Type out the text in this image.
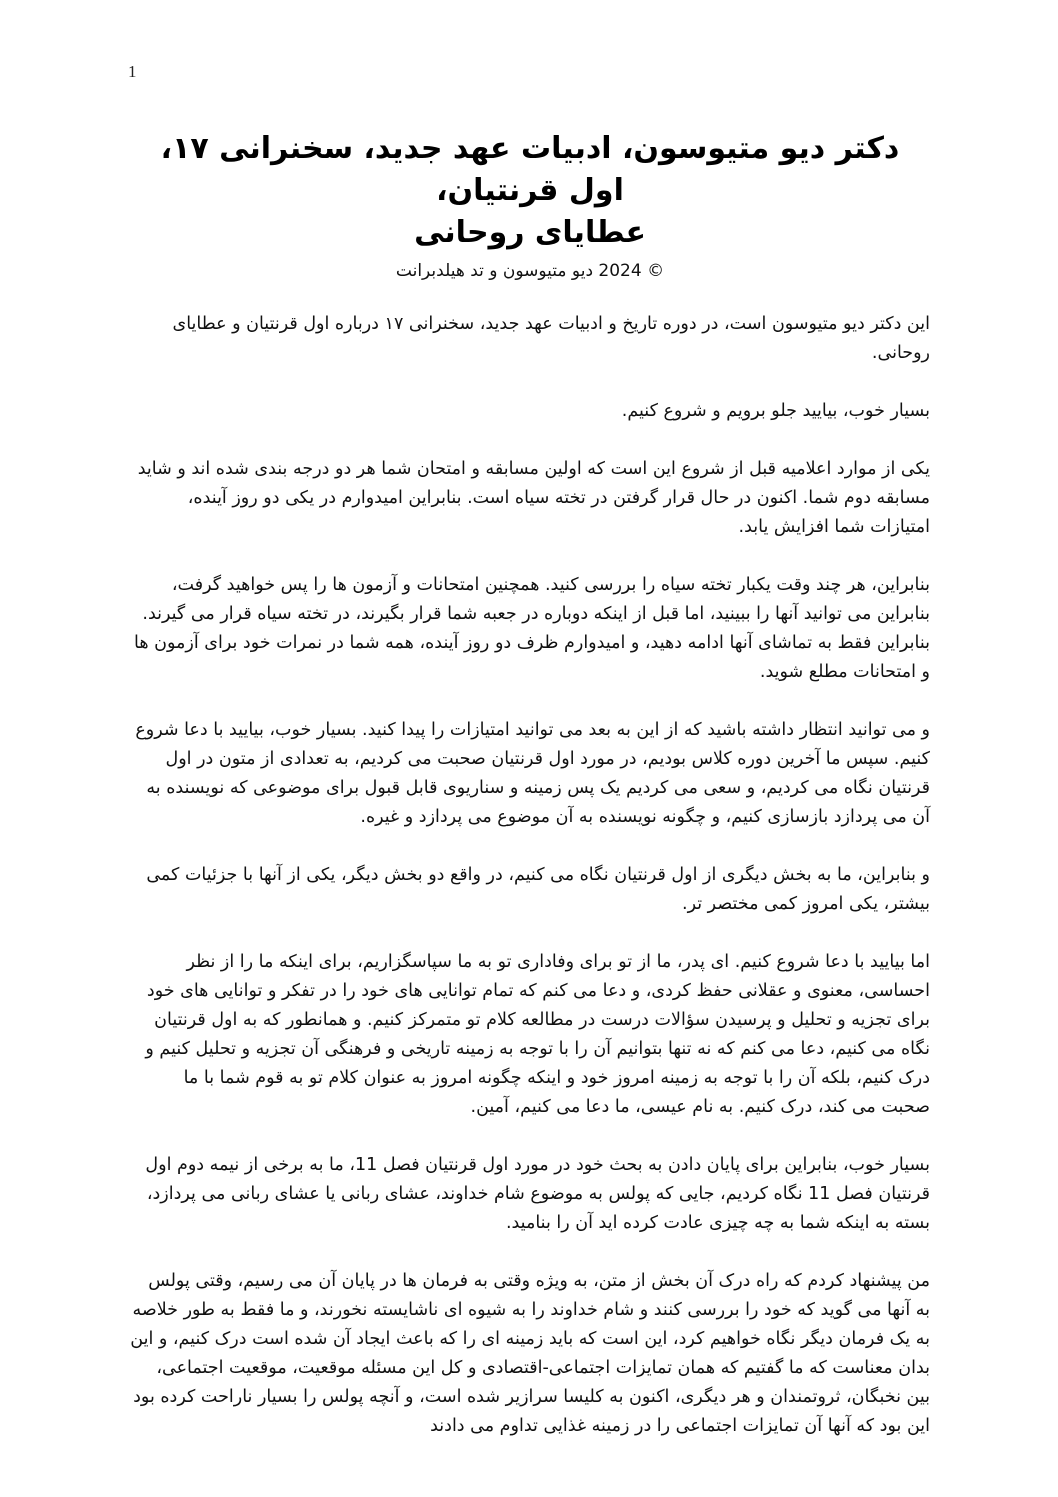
1
دکتر دیو متیوسون، ادبیات عهد جدید، سخنرانی ۱۷، اول قرنتیان،
عطایای روحانی
© 2024 دیو متیوسون و تد هیلدبرانت

این دکتر دیو متیوسون است، در دوره تاریخ و ادبیات عهد جدید، سخنرانی ۱۷ درباره اول قرنتیان و عطایای روحانی.

بسیار خوب، بیایید جلو برویم و شروع کنیم.

یکی از موارد اعلامیه قبل از شروع این است که اولین مسابقه و امتحان شما هر دو درجه بندی شده اند و شاید مسابقه دوم شما. اکنون در حال قرار گرفتن در تخته سیاه است. بنابراین امیدوارم در یکی دو روز آینده، امتیازات شما افزایش یابد.

بنابراین، هر چند وقت یکبار تخته سیاه را بررسی کنید. همچنین امتحانات و آزمون ها را پس خواهید گرفت، بنابراین می توانید آنها را ببینید، اما قبل از اینکه دوباره در جعبه شما قرار بگیرند، در تخته سیاه قرار می گیرند. بنابراین فقط به تماشای آنها ادامه دهید، و امیدوارم ظرف دو روز آینده، همه شما در نمرات خود برای آزمون ها و امتحانات مطلع شوید.

و می توانید انتظار داشته باشید که از این به بعد می توانید امتیازات را پیدا کنید. بسیار خوب، بیایید با دعا شروع کنیم. سپس ما آخرین دوره کلاس بودیم، در مورد اول قرنتیان صحبت می کردیم، به تعدادی از متون در اول قرنتیان نگاه می کردیم، و سعی می کردیم یک پس زمینه و سناریوی قابل قبول برای موضوعی که نویسنده به آن می پردازد بازسازی کنیم، و چگونه نویسنده به آن موضوع می پردازد و غیره.

و بنابراین، ما به بخش دیگری از اول قرنتیان نگاه می کنیم، در واقع دو بخش دیگر، یکی از آنها با جزئیات کمی بیشتر، یکی امروز کمی مختصر تر.

اما بیایید با دعا شروع کنیم. ای پدر، ما از تو برای وفاداری تو به ما سپاسگزاریم، برای اینکه ما را از نظر احساسی، معنوی و عقلانی حفظ کردی، و دعا می کنم که تمام توانایی های خود را در تفکر و توانایی های خود برای تجزیه و تحلیل و پرسیدن سؤالات درست در مطالعه کلام تو متمرکز کنیم. و همانطور که به اول قرنتیان نگاه می کنیم، دعا می کنم که نه تنها بتوانیم آن را با توجه به زمینه تاریخی و فرهنگی آن تجزیه و تحلیل کنیم و درک کنیم، بلکه آن را با توجه به زمینه امروز خود و اینکه چگونه امروز به عنوان کلام تو به قوم شما با ما صحبت می کند، درک کنیم. به نام عیسی، ما دعا می کنیم، آمین.

بسیار خوب، بنابراین برای پایان دادن به بحث خود در مورد اول قرنتیان فصل 11، ما به برخی از نیمه دوم اول قرنتیان فصل 11 نگاه کردیم، جایی که پولس به موضوع شام خداوند، عشای ربانی یا عشای ربانی می پردازد، بسته به اینکه شما به چه چیزی عادت کرده اید آن را بنامید.

من پیشنهاد کردم که راه درک آن بخش از متن، به ویژه وقتی به فرمان ها در پایان آن می رسیم، وقتی پولس به آنها می گوید که خود را بررسی کنند و شام خداوند را به شیوه ای ناشایسته نخورند، و ما فقط به طور خلاصه به یک فرمان دیگر نگاه خواهیم کرد، این است که باید زمینه ای را که باعث ایجاد آن شده است درک کنیم، و این بدان معناست که ما گفتیم که همان تمایزات اجتماعی-اقتصادی و کل این مسئله موقعیت، موقعیت اجتماعی، بین نخبگان، ثروتمندان و هر دیگری، اکنون به کلیسا سرازیر شده است، و آنچه پولس را بسیار ناراحت کرده بود این بود که آنها آن تمایزات اجتماعی را در زمینه غذایی تداوم می دادند
